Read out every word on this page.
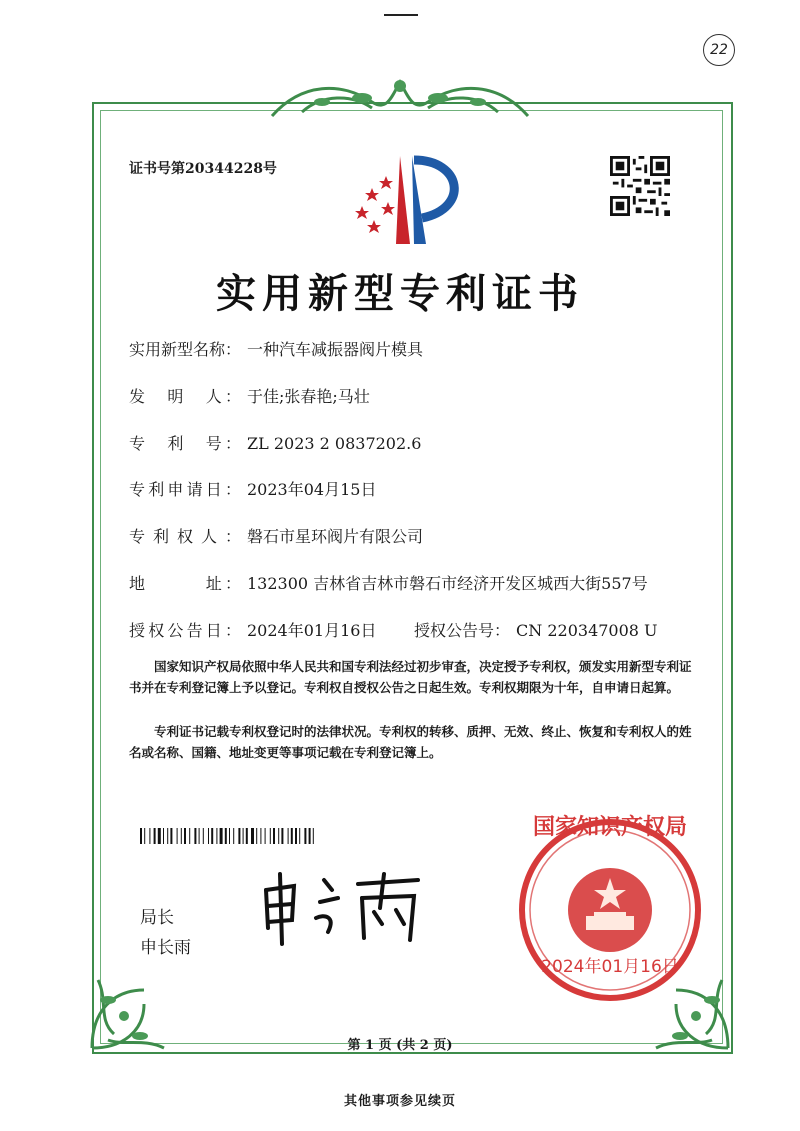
22
证书号第20344228号
实用新型专利证书
实用新型名称： 一种汽车减振器阀片模具
发　明　人： 于佳;张春艳;马壮
专　利　号： ZL 2023 2 0837202.6
专利申请日： 2023年04月15日
专利权人： 磐石市星环阀片有限公司
地　　　址： 132300 吉林省吉林市磐石市经济开发区城西大街557号
授权公告日： 2024年01月16日 授权公告号： CN 220347008 U
国家知识产权局依照中华人民共和国专利法经过初步审查，决定授予专利权，颁发实用新型专利证书并在专利登记簿上予以登记。专利权自授权公告之日起生效。专利权期限为十年，自申请日起算。
专利证书记载专利权登记时的法律状况。专利权的转移、质押、无效、终止、恢复和专利权人的姓名或名称、国籍、地址变更等事项记载在专利登记簿上。
局长
申长雨
国家知识产权局
2024年01月16日
第 1 页 (共 2 页)
其他事项参见续页
